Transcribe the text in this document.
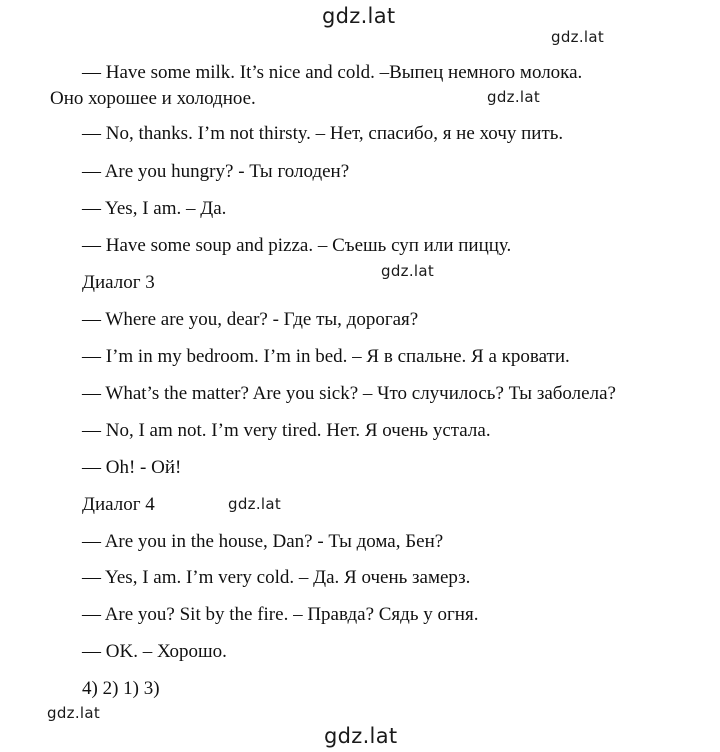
gdz.lat
gdz.lat
— Have some milk. It’s nice and cold. –Выпец немного молока.
Оно хорошее и холодное.	gdz.lat
— No, thanks. I’m not thirsty. – Нет, спасибо, я не хочу пить.
— Are you hungry? - Ты голоден?
— Yes, I am. – Да.
— Have some soup and pizza. – Съешь суп или пиццу.
Диалог 3
gdz.lat
— Where are you, dear? - Где ты, дорогая?
— I’m in my bedroom. I’m in bed. – Я в спальне. Я а кровати.
— What’s the matter? Are you sick? – Что случилось? Ты заболела?
— No, I am not. I’m very tired. Нет. Я очень устала.
— Oh! - Ой!
Диалог 4	gdz.lat
— Are you in the house, Dan? - Ты дома, Бен?
— Yes, I am. I’m very cold. – Да. Я очень замерз.
— Are you? Sit by the fire. – Правда? Сядь у огня.
— OK. – Хорошо.
4) 2) 1) 3)
gdz.lat
gdz.lat
